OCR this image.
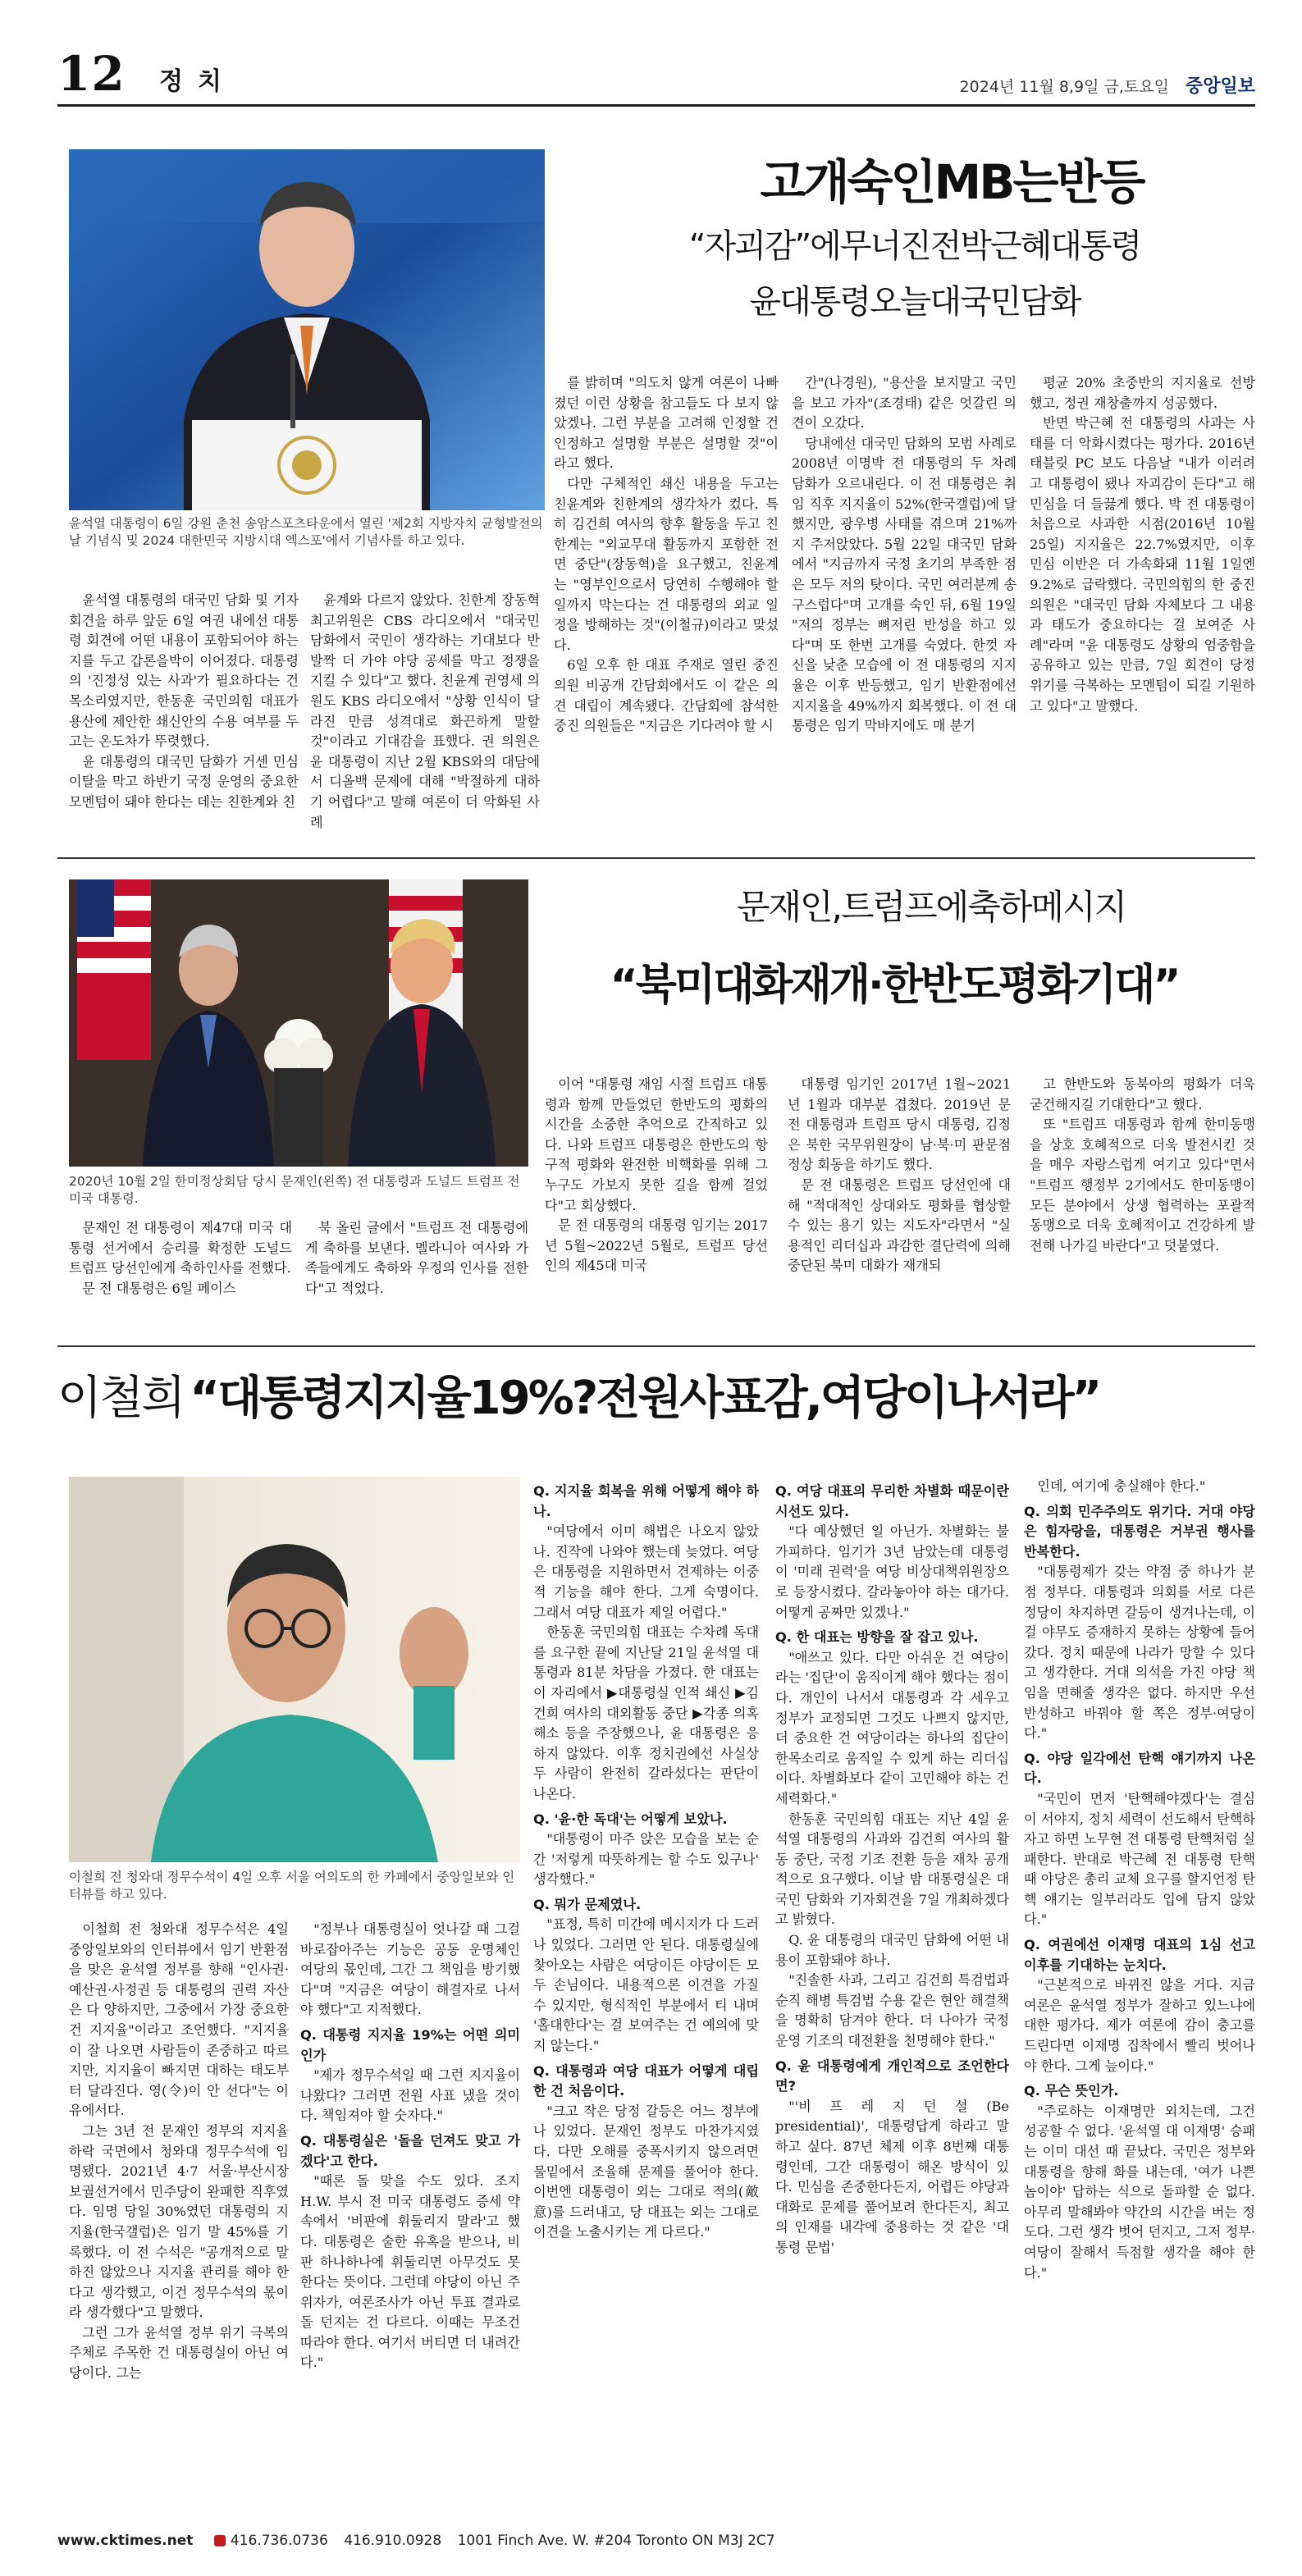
12 정치	2024년 11월 8,9일 금,토요일 중앙일보
윤석열 대통령이 6일 강원 춘천 송암스포츠타운에서 열린 '제2회 지방자치 균형발전의 날 기념식 및 2024 대한민국 지방시대 엑스포'에서 기념사를 하고 있다.
고개숙인MB는반등
“자괴감”에무너진전박근혜대통령
윤대통령오늘대국민담화

윤석열 대통령의 대국민 담화 및 기자회견을 하루 앞둔 6일 여권 내에선 대통령 회견에 어떤 내용이 포함되어야 하는지를 두고 갑론을박이 이어졌다. 대통령의 '진정성 있는 사과'가 필요하다는 건 목소리였지만, 한동훈 국민의힘 대표가 용산에 제안한 쇄신안의 수용 여부를 두고는 온도차가 뚜렷했다.

윤 대통령의 대국민 담화가 거센 민심 이탈을 막고 하반기 국정 운영의 중요한 모멘텀이 돼야 한다는 데는 친한계와 친

윤계와 다르지 않았다. 친한계 장동혁 최고위원은 CBS 라디오에서 "대국민 담화에서 국민이 생각하는 기대보다 반 발짝 더 가야 야당 공세를 막고 정쟁을 지킬 수 있다"고 했다. 친윤계 권영세 의원도 KBS 라디오에서 "상황 인식이 달라진 만큼 성격대로 화끈하게 말할 것"이라고 기대감을 표했다. 권 의원은 윤 대통령이 지난 2월 KBS와의 대담에서 디올백 문제에 대해 "박절하게 대하기 어렵다"고 말해 여론이 더 악화된 사례

를 밝히며 "의도치 않게 여론이 나빠졌던 이런 상황을 참고들도 다 보지 않았겠나. 그런 부분을 고려해 인정할 건 인정하고 설명할 부분은 설명할 것"이라고 했다.

다만 구체적인 쇄신 내용을 두고는 친윤계와 친한계의 생각차가 컸다. 특히 김건희 여사의 향후 활동을 두고 친한계는 "외교무대 활동까지 포함한 전면 중단"(장동혁)을 요구했고, 친윤계는 "영부인으로서 당연히 수행해야 할 일까지 막는다는 건 대통령의 외교 일정을 방해하는 것"(이철규)이라고 맞섰다.

6일 오후 한 대표 주재로 열린 중진 의원 비공개 간담회에서도 이 같은 의견 대립이 계속됐다. 간담회에 참석한 중진 의원들은 "지금은 기다려야 할 시

간"(나경원), "용산을 보지말고 국민을 보고 가자"(조경태) 같은 엇갈린 의견이 오갔다.

당내에선 대국민 담화의 모범 사례로 2008년 이명박 전 대통령의 두 차례 담화가 오르내린다. 이 전 대통령은 취임 직후 지지율이 52%(한국갤럽)에 달했지만, 광우병 사태를 겪으며 21%까지 주저앉았다. 5월 22일 대국민 담화에서 "지금까지 국정 초기의 부족한 점은 모두 저의 탓이다. 국민 여러분께 송구스럽다"며 고개를 숙인 뒤, 6월 19일 "저의 정부는 뼈저린 반성을 하고 있다"며 또 한번 고개를 숙였다. 한껏 자신을 낮춘 모습에 이 전 대통령의 지지율은 이후 반등했고, 임기 반환점에선 지지율을 49%까지 회복했다. 이 전 대통령은 임기 막바지에도 매 분기

평균 20% 초중반의 지지율로 선방했고, 정권 재창출까지 성공했다.

반면 박근혜 전 대통령의 사과는 사태를 더 악화시켰다는 평가다. 2016년 태블릿 PC 보도 다음날 "내가 이러려고 대통령이 됐나 자괴감이 든다"고 해 민심을 더 들끓게 했다. 박 전 대통령이 처음으로 사과한 시점(2016년 10월 25일) 지지율은 22.7%였지만, 이후 민심 이반은 더 가속화돼 11월 1일엔 9.2%로 급락했다. 국민의힘의 한 중진 의원은 "대국민 담화 자체보다 그 내용과 태도가 중요하다는 걸 보여준 사례"라며 "윤 대통령도 상황의 엄중함을 공유하고 있는 만큼, 7일 회견이 당정 위기를 극복하는 모멘텀이 되길 기원하고 있다"고 말했다.

2020년 10월 2일 한미정상회담 당시 문재인(왼쪽) 전 대통령과 도널드 트럼프 전 미국 대통령.
문재인,트럼프에축하메시지
“북미대화재개·한반도평화기대”

문재인 전 대통령이 제47대 미국 대통령 선거에서 승리를 확정한 도널드 트럼프 당선인에게 축하인사를 전했다.

문 전 대통령은 6일 페이스

북 올린 글에서 "트럼프 전 대통령에게 축하를 보낸다. 멜라니아 여사와 가족들에게도 축하와 우정의 인사를 전한다"고 적었다.

이어 "대통령 재임 시절 트럼프 대통령과 함께 만들었던 한반도의 평화의 시간을 소중한 추억으로 간직하고 있다. 나와 트럼프 대통령은 한반도의 항구적 평화와 완전한 비핵화를 위해 그 누구도 가보지 못한 길을 함께 걸었다"고 회상했다.

문 전 대통령의 대통령 임기는 2017년 5월~2022년 5월로, 트럼프 당선인의 제45대 미국

대통령 임기인 2017년 1월~2021년 1월과 대부분 겹쳤다. 2019년 문 전 대통령과 트럼프 당시 대통령, 김정은 북한 국무위원장이 남·북·미 판문점 정상 회동을 하기도 했다.

문 전 대통령은 트럼프 당선인에 대해 "적대적인 상대와도 평화를 협상할 수 있는 용기 있는 지도자"라면서 "실용적인 리더십과 과감한 결단력에 의해 중단된 북미 대화가 재개되

고 한반도와 동북아의 평화가 더욱 굳건해지길 기대한다"고 했다.

또 "트럼프 대통령과 함께 한미동맹을 상호 호혜적으로 더욱 발전시킨 것을 매우 자랑스럽게 여기고 있다"면서 "트럼프 행정부 2기에서도 한미동맹이 모든 분야에서 상생 협력하는 포괄적 동맹으로 더욱 호혜적이고 건강하게 발전해 나가길 바란다"고 덧붙였다.

이철희 “대통령지지율19%?전원사표감,여당이나서라”
이철희 전 청와대 정무수석이 4일 오후 서울 여의도의 한 카페에서 중앙일보와 인터뷰를 하고 있다.

이철희 전 청와대 정무수석은 4일 중앙일보와의 인터뷰에서 임기 반환점을 맞은 윤석열 정부를 향해 "인사권·예산권·사정권 등 대통령의 권력 자산은 다 양하지만, 그중에서 가장 중요한 건 지지율"이라고 조언했다. "지지율이 잘 나오면 사람들이 존중하고 따르지만, 지지율이 빠지면 대하는 태도부터 달라진다. 영(令)이 안 선다"는 이유에서다.

그는 3년 전 문재인 정부의 지지율 하락 국면에서 청와대 정무수석에 임명됐다. 2021년 4·7 서울·부산시장 보궐선거에서 민주당이 완패한 직후였다. 임명 당일 30%였던 대통령의 지지율(한국갤럽)은 임기 말 45%를 기록했다. 이 전 수석은 "공개적으로 말하진 않았으나 지지율 관리를 해야 한다고 생각했고, 이건 정무수석의 몫이라 생각했다"고 말했다.

그런 그가 윤석열 정부 위기 극복의 주체로 주목한 건 대통령실이 아닌 여당이다. 그는

"정부나 대통령실이 엇나갈 때 그걸 바로잡아주는 기능은 공동 운명체인 여당의 몫인데, 그간 그 책임을 방기했다"며 "지금은 여당이 해결자로 나서야 했다"고 지적했다.

Q. 대통령 지지율 19%는 어떤 의미인가

"제가 정무수석일 때 그런 지지율이 나왔다? 그러면 전원 사표 냈을 것이다. 책임져야 할 숫자다."

Q. 대통령실은 '돌을 던져도 맞고 가겠다'고 한다.

"때론 돌 맞을 수도 있다. 조지 H.W. 부시 전 미국 대통령도 증세 약속에서 '비판에 휘둘리지 말라'고 했다. 대통령은 술한 유혹을 받으나, 비판 하나하나에 휘둘리면 아무것도 못한다는 뜻이다. 그런데 야당이 아닌 주위자가, 여론조사가 아닌 투표 결과로 돌 던지는 건 다르다. 이때는 무조건 따라야 한다. 여기서 버티면 더 내려간다."

Q. 지지율 회복을 위해 어떻게 해야 하나.

"여당에서 이미 해법은 나오지 않았나. 진작에 나와야 했는데 늦었다. 여당은 대통령을 지원하면서 견제하는 이중적 기능을 해야 한다. 그게 숙명이다. 그래서 여당 대표가 제일 어렵다."

한동훈 국민의힘 대표는 수차례 독대를 요구한 끝에 지난달 21일 윤석열 대통령과 81분 차담을 가졌다. 한 대표는 이 자리에서 ▶대통령실 인적 쇄신 ▶김건희 여사의 대외활동 중단 ▶각종 의혹 해소 등을 주장했으나, 윤 대통령은 응하지 않았다. 이후 정치권에선 사실상 두 사람이 완전히 갈라섰다는 판단이 나온다.

Q. '윤·한 독대'는 어떻게 보았나.

"대통령이 마주 앉은 모습을 보는 순간 '저렇게 따뜻하게는 할 수도 있구나' 생각했다."

Q. 뭐가 문제였나.

"표정, 특히 미간에 메시지가 다 드러나 있었다. 그러면 안 된다. 대통령실에 찾아오는 사람은 여당이든 야당이든 모두 손님이다. 내용적으론 이견을 가질 수 있지만, 형식적인 부분에서 티 내며 '홀대한다'는 걸 보여주는 건 예의에 맞지 않는다."

Q. 대통령과 여당 대표가 어떻게 대립한 건 처음이다.

"크고 작은 당정 갈등은 어느 정부에나 있었다. 문재인 정부도 마찬가지였다. 다만 오해를 중폭시키지 않으려면 물밑에서 조율해 문제를 풀어야 한다. 이번엔 대통령이 외는 그대로 적의(敵意)를 드러내고, 당 대표는 외는 그대로 이견을 노출시키는 게 다르다."

Q. 여당 대표의 무리한 차별화 때문이란 시선도 있다.

"다 예상했던 일 아닌가. 차별화는 불가피하다. 임기가 3년 남았는데 대통령이 '미래 권력'을 여당 비상대책위원장으로 등장시켰다. 갈라놓아야 하는 대가다. 어떻게 공짜만 있겠나."

Q. 한 대표는 방향을 잘 잡고 있나.

"애쓰고 있다. 다만 아쉬운 건 여당이라는 '집단'이 움직이게 해야 했다는 점이다. 개인이 나서서 대통령과 각 세우고 정부가 교정되면 그것도 나쁘지 않지만, 더 중요한 건 여당이라는 하나의 집단이 한목소리로 움직일 수 있게 하는 리더십이다. 차별화보다 같이 고민해야 하는 건 세력화다."

한동훈 국민의힘 대표는 지난 4일 윤석열 대통령의 사과와 김건희 여사의 활동 중단, 국정 기조 전환 등을 재차 공개적으로 요구했다. 이날 밤 대통령실은 대국민 담화와 기자회견을 7일 개최하겠다고 밝혔다.

Q. 윤 대통령의 대국민 담화에 어떤 내용이 포함돼야 하나.

"진솔한 사과, 그리고 김건희 특검법과 순직 해병 특검법 수용 같은 현안 해결책을 명확히 담겨야 한다. 더 나아가 국정운영 기조의 대전환을 천명해야 한다."

Q. 윤 대통령에게 개인적으로 조언한다면?

"'비 프 레 지 던 셜 (Be presidential)', 대통령답게 하라고 말하고 싶다. 87년 체제 이후 8번째 대통령인데, 그간 대통령이 해온 방식이 있다. 민심을 존중한다든지, 어렵든 야당과 대화로 문제를 풀어보려 한다든지, 최고의 인재를 내각에 중용하는 것 같은 '대통령 문법'

인데, 여기에 충실해야 한다."

Q. 의회 민주주의도 위기다. 거대 야당은 힘자랑을, 대통령은 거부권 행사를 반복한다.

"대통령제가 갖는 약점 중 하나가 분점 정부다. 대통령과 의회를 서로 다른 정당이 차지하면 갈등이 생겨나는데, 이걸 야무도 증재하지 못하는 상황에 들어갔다. 정치 때문에 나라가 망할 수 있다고 생각한다. 거대 의석을 가진 야당 책임을 면해줄 생각은 없다. 하지만 우선 반성하고 바꿔야 할 쪽은 정부·여당이다."

Q. 야당 일각에선 탄핵 얘기까지 나온다.

"국민이 먼저 '탄핵해야겠다'는 결심이 서야지, 정치 세력이 선도해서 탄핵하자고 하면 노무현 전 대통령 탄핵처럼 실패한다. 반대로 박근혜 전 대통령 탄핵 때 야당은 총리 교체 요구를 할지언정 탄핵 얘기는 일부러라도 입에 담지 않았다."

Q. 여권에선 이재명 대표의 1심 선고 이후를 기대하는 눈치다.

"근본적으로 바뀌진 않을 거다. 지금 여론은 윤석열 정부가 잘하고 있느냐에 대한 평가다. 제가 여론에 감이 충고를 드린다면 이재명 집착에서 빨리 벗어나야 한다. 그게 늪이다."

Q. 무슨 뜻인가.

"주로하는 이재명만 외치는데, 그건 성공할 수 없다. '윤석열 대 이재명' 승패는 이미 대선 때 끝났다. 국민은 정부와 대통령을 향해 화를 내는데, '여가 나쁜 놈이야' 답하는 식으로 돌파할 순 없다. 아무리 말해봐야 약간의 시간을 버는 정도다. 그런 생각 벗어 던지고, 그저 정부·여당이 잘해서 득점할 생각을 해야 한다."

www.cktimes.net	416.736.0736 416.910.0928 1001 Finch Ave. W. #204 Toronto ON M3J 2C7
